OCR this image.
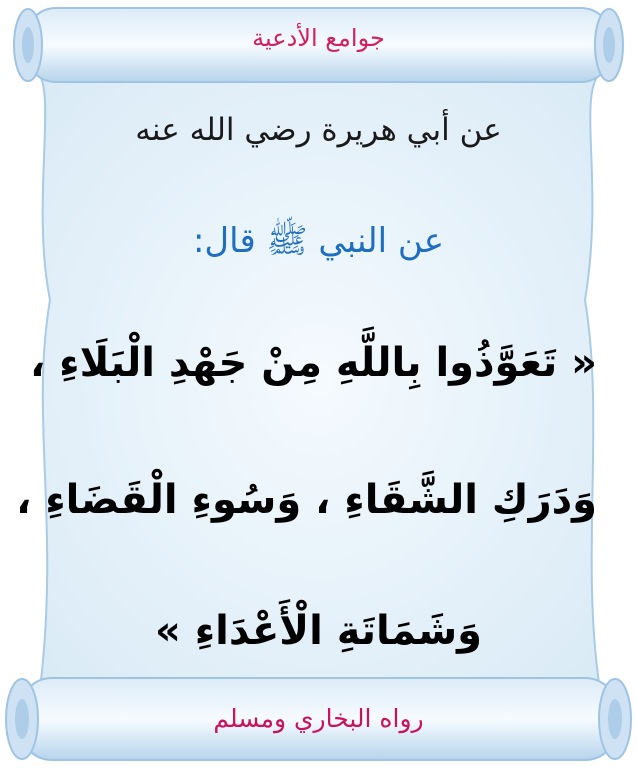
جوامع الأدعية
عن أبي هريرة رضي الله عنه
عن النبي ﷺ قال:
« تَعَوَّذُوا بِاللَّهِ مِنْ جَهْدِ الْبَلَاءِ ،
وَدَرَكِ الشَّقَاءِ ، وَسُوءِ الْقَضَاءِ ،
وَشَمَاتَةِ الْأَعْدَاءِ »
رواه البخاري ومسلم
